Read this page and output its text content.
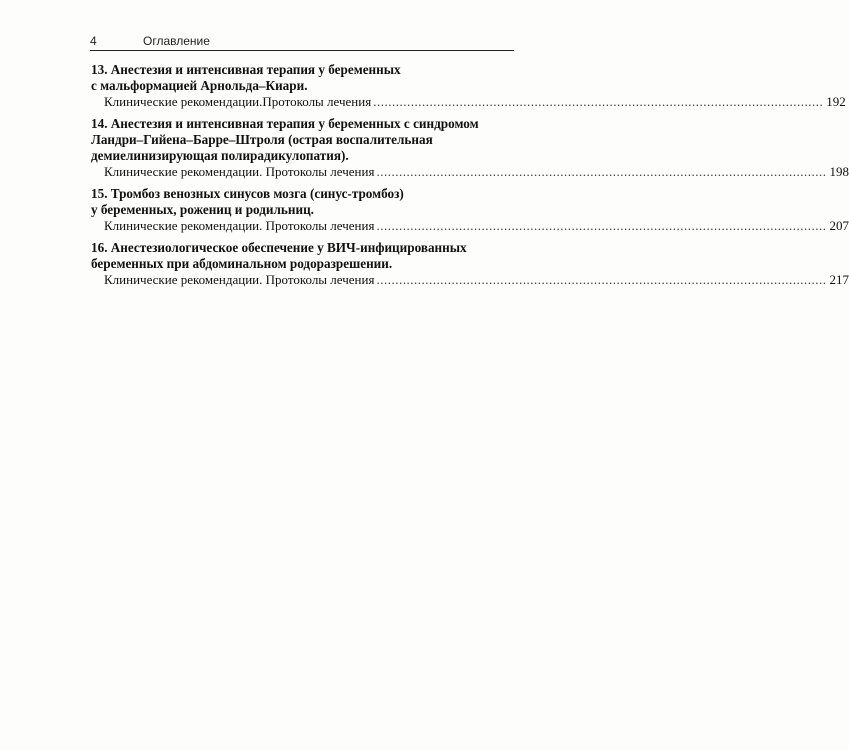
4	Оглавление
13. Анестезия и интенсивная терапия у беременных
с мальформацией Арнольда–Киари.
Клинические рекомендации.Протоколы лечения ........................................................................................................................ 192
14. Анестезия и интенсивная терапия у беременных с синдромом
Ландри–Гийена–Барре–Штроля (острая воспалительная
демиелинизирующая полирадикулопатия).
Клинические рекомендации. Протоколы лечения ........................................................................................................................ 198
15. Тромбоз венозных синусов мозга (синус-тромбоз)
у беременных, рожениц и родильниц.
Клинические рекомендации. Протоколы лечения ........................................................................................................................ 207
16. Анестезиологическое обеспечение у ВИЧ-инфицированных
беременных при абдоминальном родоразрешении.
Клинические рекомендации. Протоколы лечения ........................................................................................................................ 217
